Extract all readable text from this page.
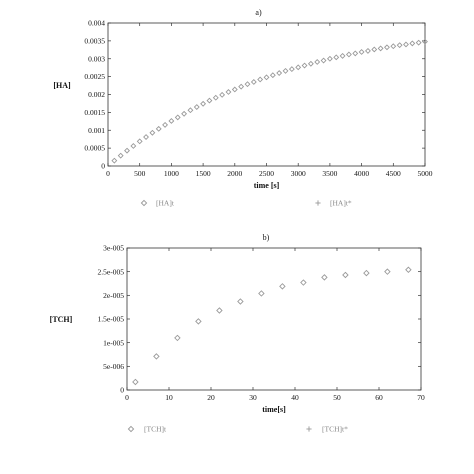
0	500 1000 1500 2000 2500 3000 3500 4000 4500 5000
0
0.0005
0.001
0.0015
0.002
0.0025
0.003
0.0035
0.004
a)
time [s]
[HA]
[HA]t	[HA]t*
0	10	20	30	40	50	60	70
0
5e-006
1e-005
1.5e-005
2e-005
2.5e-005
3e-005
b)
time[s]
[TCH]
[TCH]t	[TCH]t*
